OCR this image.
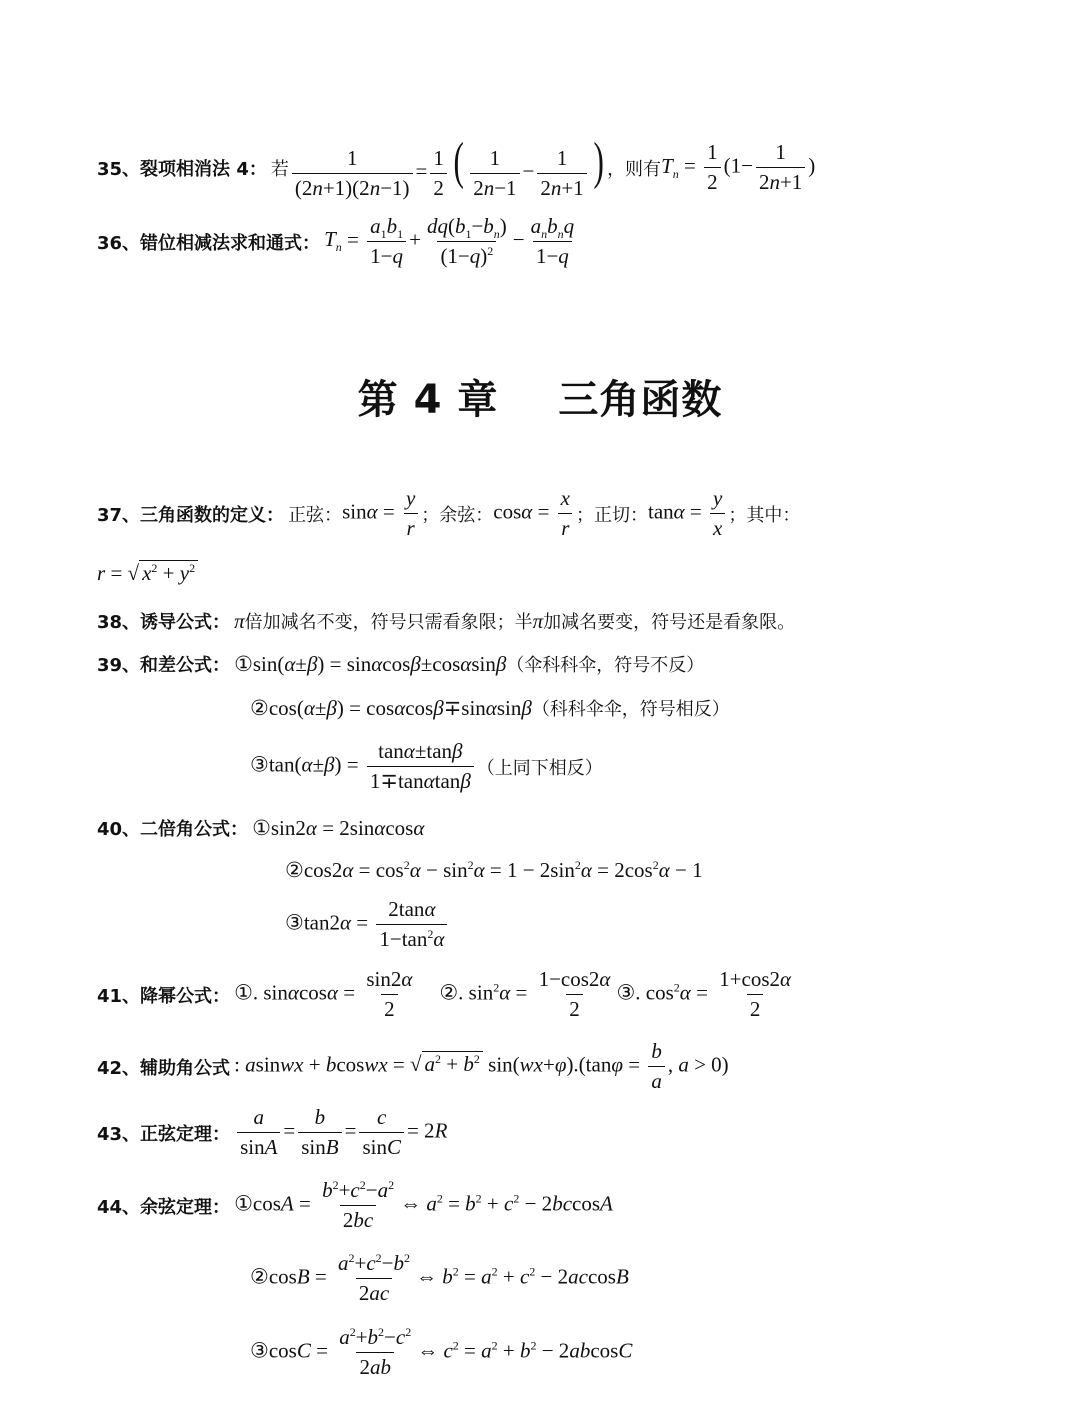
35、裂项相消法 4： 若 $\frac{1}{(2n+1)(2n-1)} = \frac{1}{2}$ ( $\frac{1}{2n-1} - \frac{1}{2n+1}$ ) ，则有 $T_n = \frac{1}{2} (1- \frac{1}{2n+1}$ )
36、错位相减法求和通式： $T_n = \frac{a_1b_1}{1-q} + \frac{dq(b_1-b_n)}{(1-q)^2} - \frac{a_nb_nq}{1-q}$
第 4 章 三角函数
37、三角函数的定义： 正弦： $\sin\alpha = \frac{y}{r}$ ；余弦： $\cos\alpha = \frac{x}{r}$ ；正切： $\tan\alpha = \frac{y}{x}$ ；其中：
r = √ $x^2 + y^2$
38、诱导公式： π 倍加减名不变，符号只需看象限；半 π 加减名要变，符号还是看象限。
39、和差公式： ①sin(α±β) = sinαcosβ±cosαsinβ （伞科科伞，符号不反）
②cos(α±β) = cosαcosβ∓sinαsinβ （科科伞伞，符号相反）
③tan(α±β) = $\frac{\tan\alpha\pm\tan\beta}{1\mp\tan\alpha\tan\beta}$ （上同下相反）
40、二倍角公式： ①sin2α = 2sinαcosα
②cos2α = $\cos^2\alpha - \sin^2\alpha = 1 - 2\sin^2\alpha = 2\cos^2\alpha - 1$
③tan2α = $\frac{2\tan\alpha}{1-\tan^2\alpha}$
41、降幂公式： ①. $\sin\alpha\cos\alpha = \frac{\sin 2\alpha}{2}$ ②. $\sin^2\alpha = \frac{1-\cos 2\alpha}{2}$ ③. $\cos^2\alpha = \frac{1+\cos 2\alpha}{2}$
42、辅助角公式 : asinwx + bcoswx = √ $a^2 + b^2$ $\sin(wx+\varphi).(\tan\varphi = \frac{b}{a}$ , a > 0)
43、正弦定理： $\frac{a}{\sin A} = \frac{b}{\sin B} = \frac{c}{\sin C} = 2R$
44、余弦定理： ①cosA = $\frac{b^2+c^2-a^2}{2bc}$ ⇔ $a^2 = b^2 + c^2 - 2bccosA$
②cosB = $\frac{a^2+c^2-b^2}{2ac}$ ⇔ $b^2 = a^2 + c^2 - 2accosB$
③cosC = $\frac{a^2+b^2-c^2}{2ab}$ ⇔ $c^2 = a^2 + b^2 - 2abcosC$
